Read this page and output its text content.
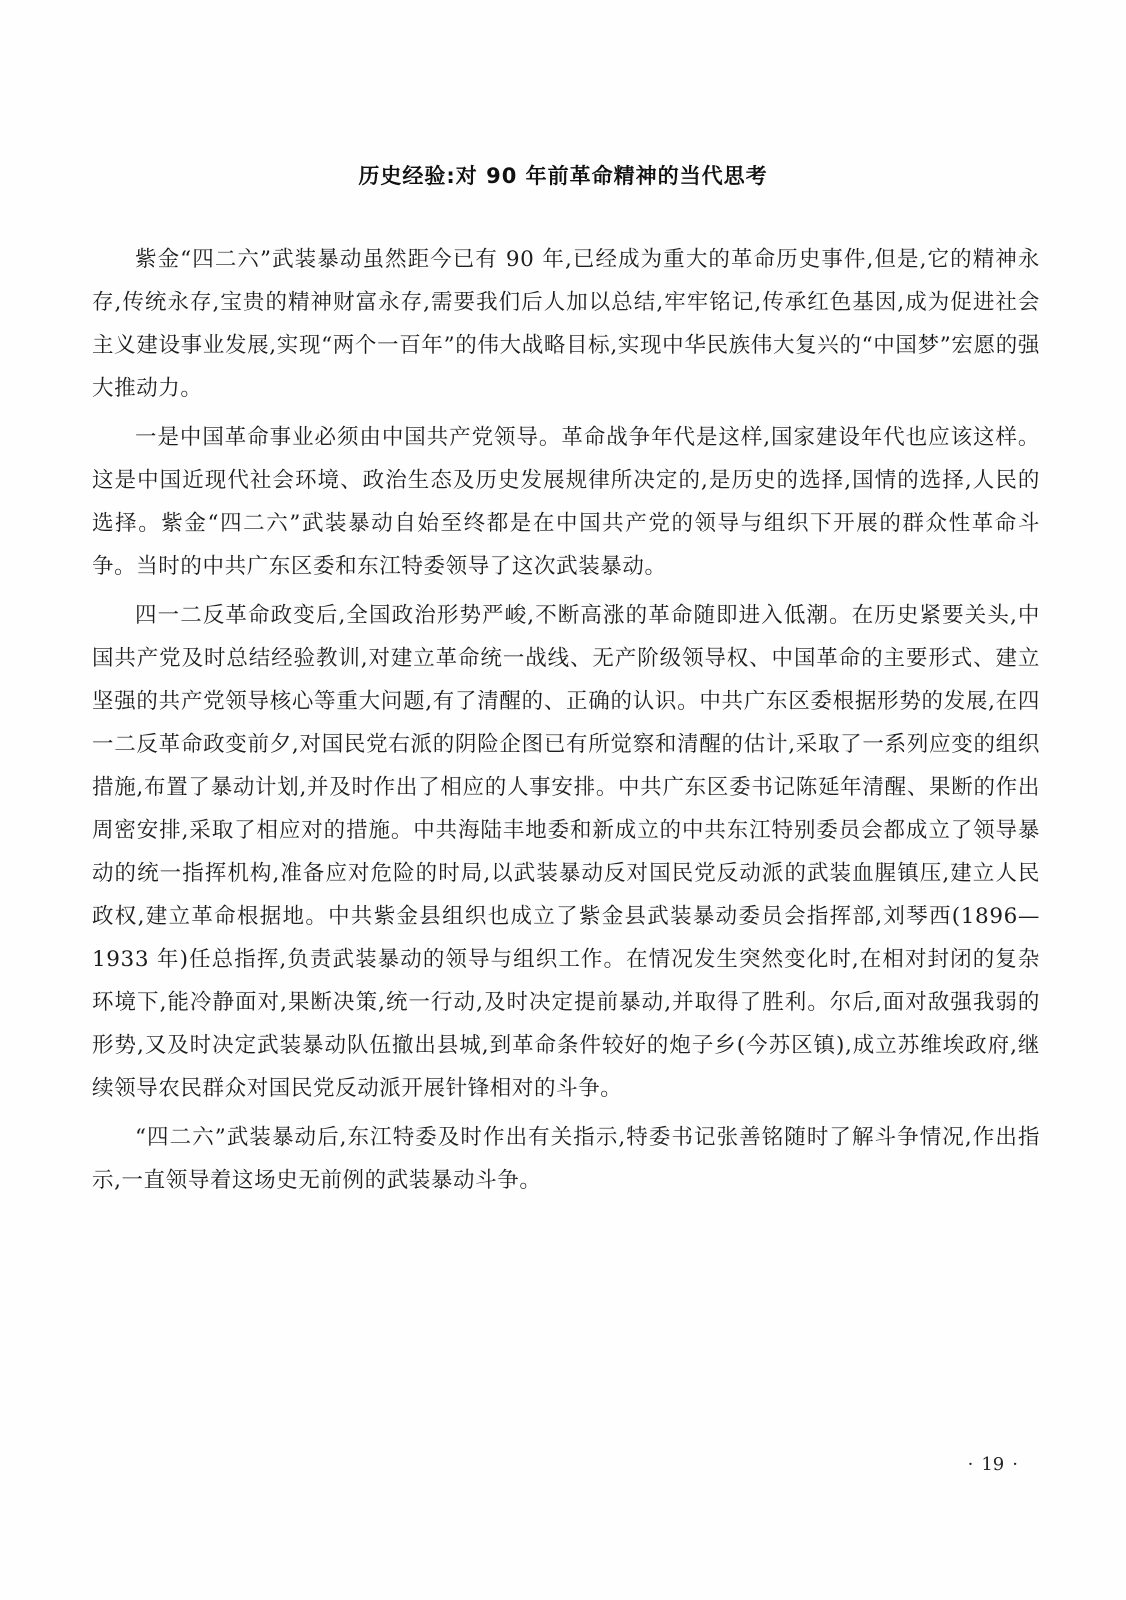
历史经验:对 90 年前革命精神的当代思考

紫金“四二六”武装暴动虽然距今已有 90 年,已经成为重大的革命历史事件,但是,它的精神永存,传统永存,宝贵的精神财富永存,需要我们后人加以总结,牢牢铭记,传承红色基因,成为促进社会主义建设事业发展,实现“两个一百年”的伟大战略目标,实现中华民族伟大复兴的“中国梦”宏愿的强大推动力。

一是中国革命事业必须由中国共产党领导。革命战争年代是这样,国家建设年代也应该这样。这是中国近现代社会环境、政治生态及历史发展规律所决定的,是历史的选择,国情的选择,人民的选择。紫金“四二六”武装暴动自始至终都是在中国共产党的领导与组织下开展的群众性革命斗争。当时的中共广东区委和东江特委领导了这次武装暴动。

四一二反革命政变后,全国政治形势严峻,不断高涨的革命随即进入低潮。在历史紧要关头,中国共产党及时总结经验教训,对建立革命统一战线、无产阶级领导权、中国革命的主要形式、建立坚强的共产党领导核心等重大问题,有了清醒的、正确的认识。中共广东区委根据形势的发展,在四一二反革命政变前夕,对国民党右派的阴险企图已有所觉察和清醒的估计,采取了一系列应变的组织措施,布置了暴动计划,并及时作出了相应的人事安排。中共广东区委书记陈延年清醒、果断的作出周密安排,采取了相应对的措施。中共海陆丰地委和新成立的中共东江特别委员会都成立了领导暴动的统一指挥机构,准备应对危险的时局,以武装暴动反对国民党反动派的武装血腥镇压,建立人民政权,建立革命根据地。中共紫金县组织也成立了紫金县武装暴动委员会指挥部,刘琴西(1896—1933 年)任总指挥,负责武装暴动的领导与组织工作。在情况发生突然变化时,在相对封闭的复杂环境下,能冷静面对,果断决策,统一行动,及时决定提前暴动,并取得了胜利。尔后,面对敌强我弱的形势,又及时决定武装暴动队伍撤出县城,到革命条件较好的炮子乡(今苏区镇),成立苏维埃政府,继续领导农民群众对国民党反动派开展针锋相对的斗争。

“四二六”武装暴动后,东江特委及时作出有关指示,特委书记张善铭随时了解斗争情况,作出指示,一直领导着这场史无前例的武装暴动斗争。

· 19 ·
